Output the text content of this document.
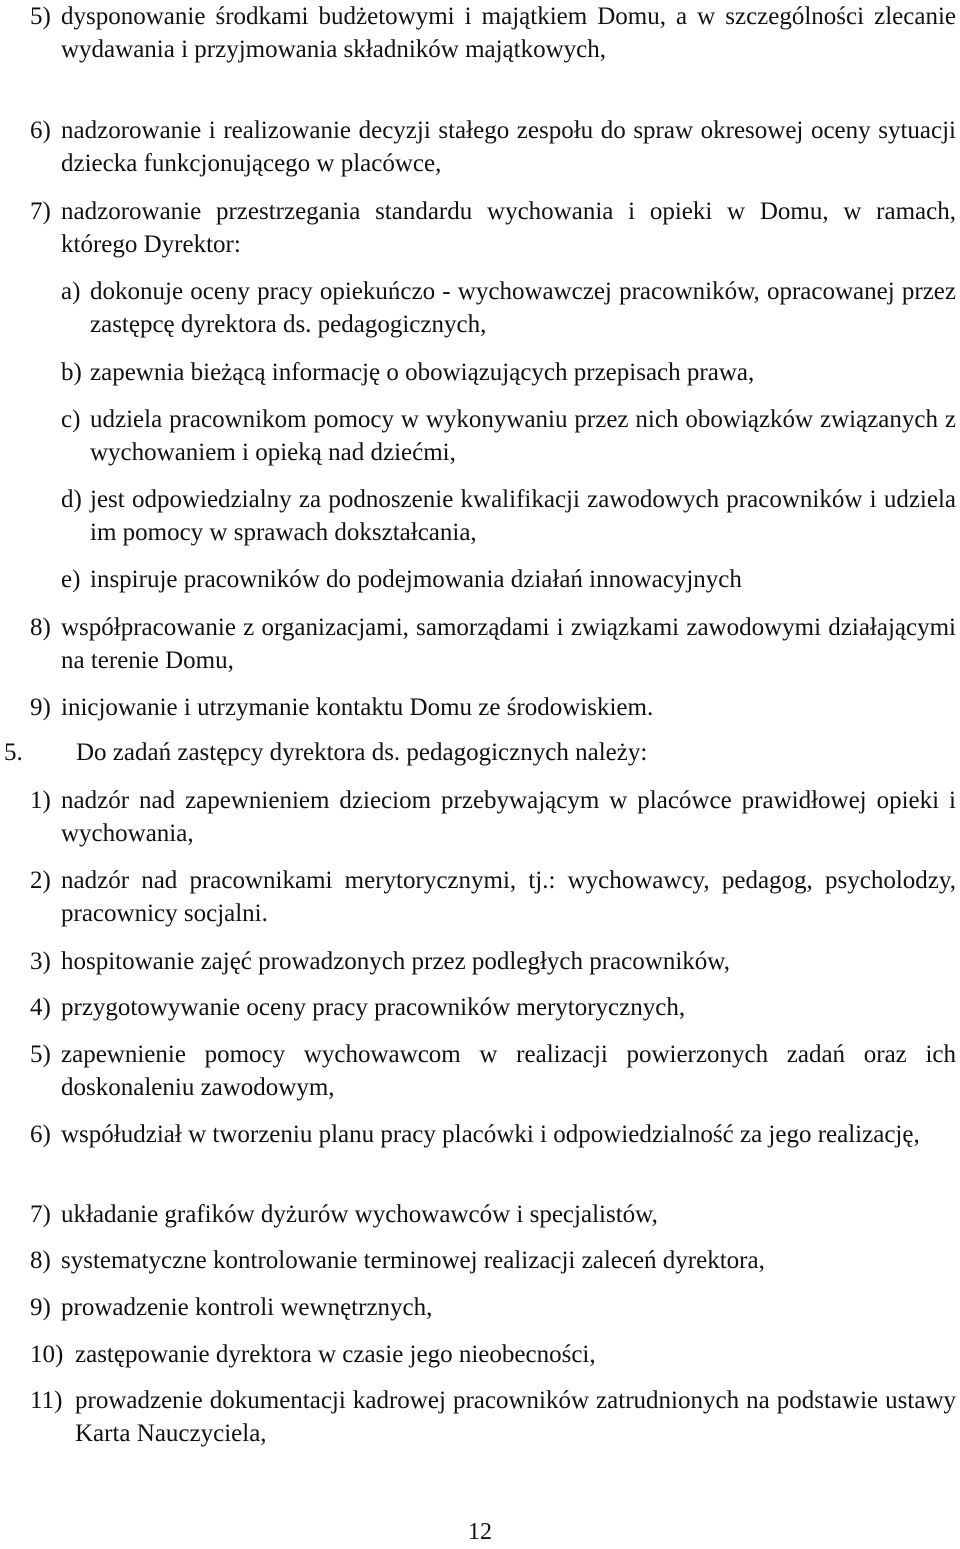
5) dysponowanie środkami budżetowymi i majątkiem Domu, a w szczególności zlecanie wydawania i przyjmowania składników majątkowych,
6) nadzorowanie i realizowanie decyzji stałego zespołu do spraw okresowej oceny sytuacji dziecka funkcjonującego w placówce,
7) nadzorowanie przestrzegania standardu wychowania i opieki w Domu, w ramach, którego Dyrektor:
a) dokonuje oceny pracy opiekuńczo - wychowawczej pracowników, opracowanej przez zastępcę dyrektora ds. pedagogicznych,
b) zapewnia bieżącą informację o obowiązujących przepisach prawa,
c) udziela pracownikom pomocy w wykonywaniu przez nich obowiązków związanych z wychowaniem i opieką nad dziećmi,
d) jest odpowiedzialny za podnoszenie kwalifikacji zawodowych pracowników i udziela im pomocy w sprawach dokształcania,
e) inspiruje pracowników do podejmowania działań innowacyjnych
8) współpracowanie z organizacjami, samorządami i związkami zawodowymi działającymi na terenie Domu,
9) inicjowanie i utrzymanie kontaktu Domu ze środowiskiem.
5.	Do zadań zastępcy dyrektora ds. pedagogicznych należy:
1) nadzór nad zapewnieniem dzieciom przebywającym w placówce prawidłowej opieki i wychowania,
2) nadzór nad pracownikami merytorycznymi, tj.: wychowawcy, pedagog, psycholodzy, pracownicy socjalni.
3) hospitowanie zajęć prowadzonych przez podległych pracowników,
4) przygotowywanie oceny pracy pracowników merytorycznych,
5) zapewnienie pomocy wychowawcom w realizacji powierzonych zadań oraz ich doskonaleniu zawodowym,
6) współudział w tworzeniu planu pracy placówki i odpowiedzialność za jego realizację,
7) układanie grafików dyżurów wychowawców i specjalistów,
8) systematyczne kontrolowanie terminowej realizacji zaleceń dyrektora,
9) prowadzenie kontroli wewnętrznych,
10) zastępowanie dyrektora w czasie jego nieobecności,
11) prowadzenie dokumentacji kadrowej pracowników zatrudnionych na podstawie ustawy Karta Nauczyciela,
12
